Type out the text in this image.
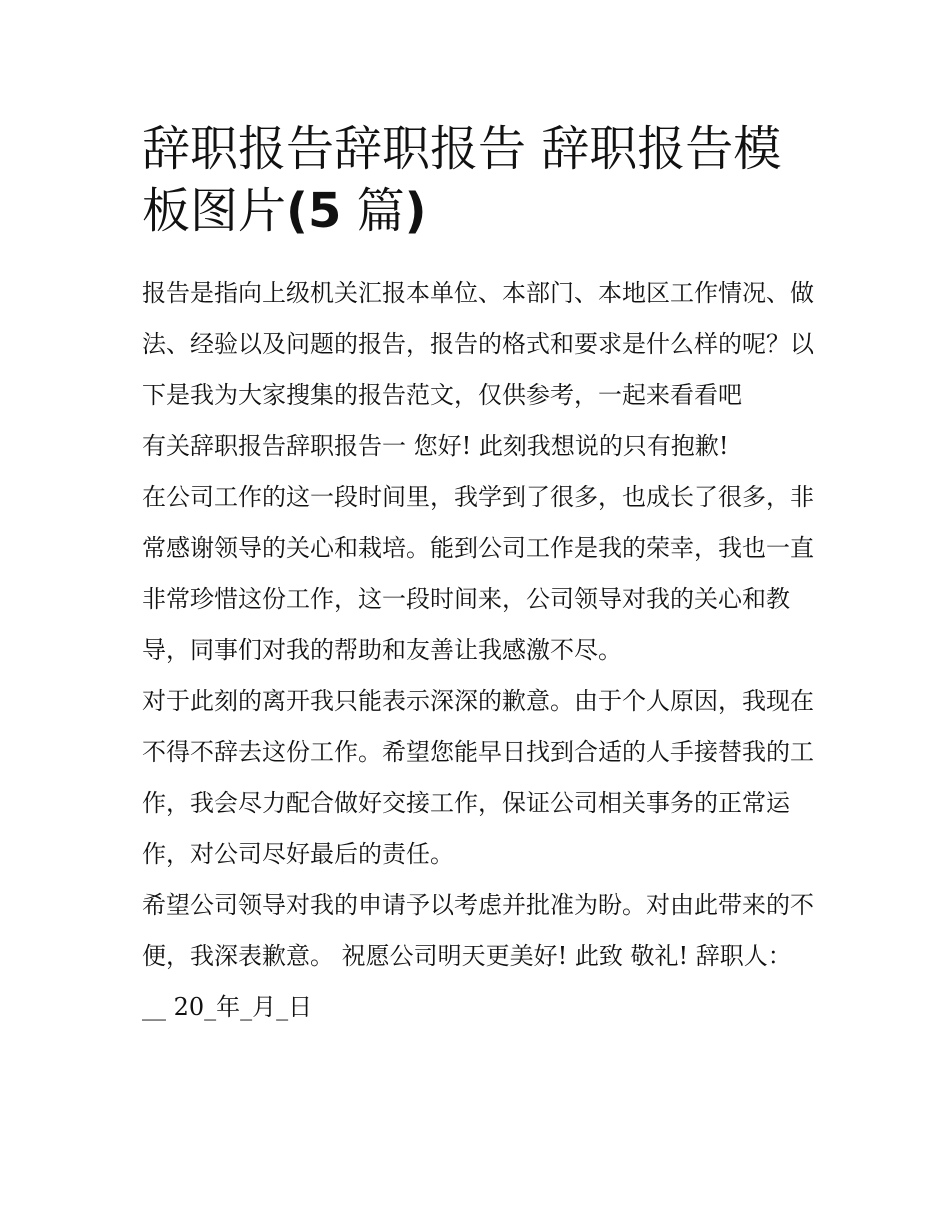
辞职报告辞职报告 辞职报告模
板图片(5 篇)

报告是指向上级机关汇报本单位、本部门、本地区工作情况、做法、经验以及问题的报告，报告的格式和要求是什么样的呢？以下是我为大家搜集的报告范文，仅供参考，一起来看看吧

有关辞职报告辞职报告一 您好! 此刻我想说的只有抱歉!

在公司工作的这一段时间里，我学到了很多，也成长了很多，非常感谢领导的关心和栽培。能到公司工作是我的荣幸，我也一直非常珍惜这份工作，这一段时间来，公司领导对我的关心和教导，同事们对我的帮助和友善让我感激不尽。

对于此刻的离开我只能表示深深的歉意。由于个人原因，我现在不得不辞去这份工作。希望您能早日找到合适的人手接替我的工作，我会尽力配合做好交接工作，保证公司相关事务的正常运作，对公司尽好最后的责任。

希望公司领导对我的申请予以考虑并批准为盼。对由此带来的不便，我深表歉意。 祝愿公司明天更美好! 此致 敬礼! 辞职人：__ 20_年_月_日
